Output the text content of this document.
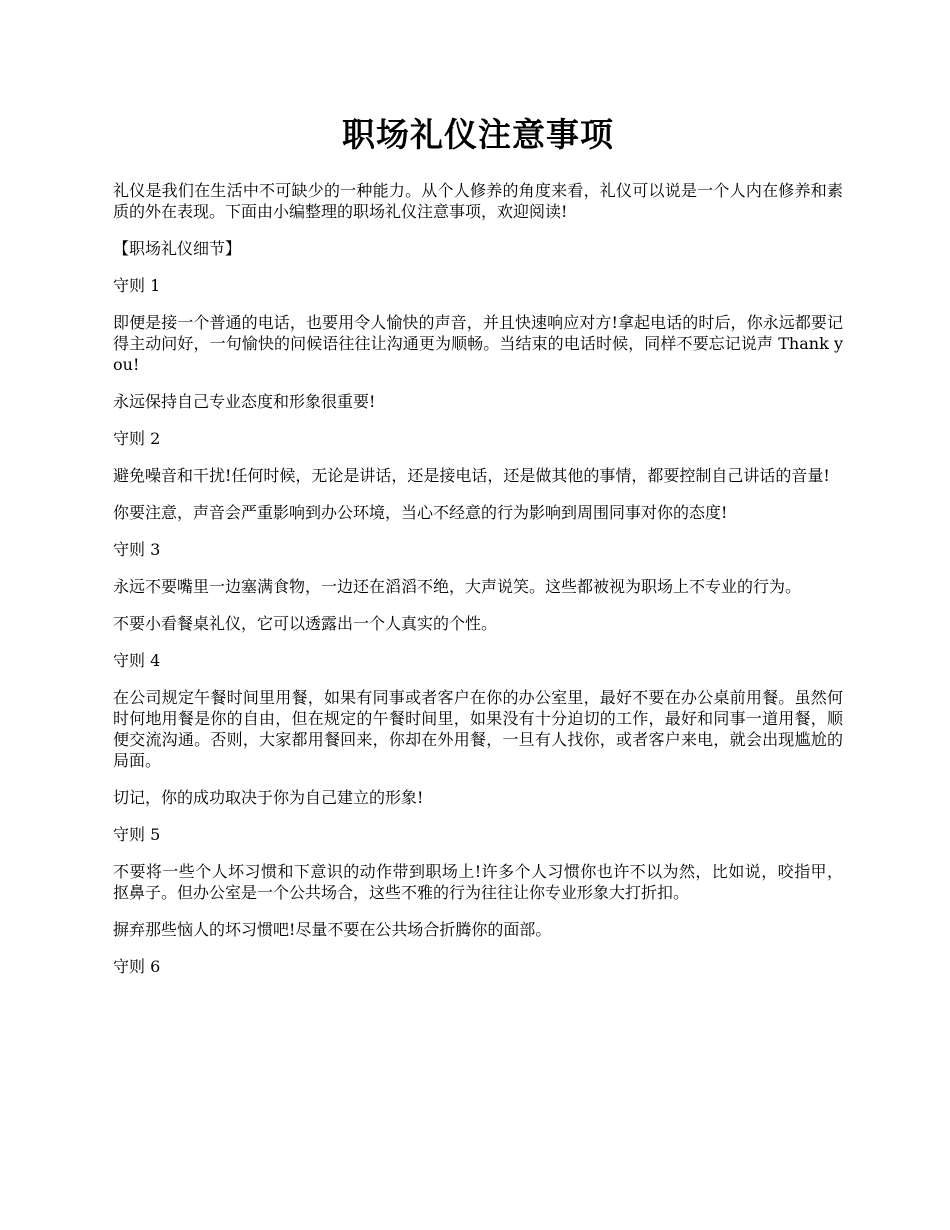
职场礼仪注意事项

礼仪是我们在生活中不可缺少的一种能力。从个人修养的角度来看，礼仪可以说是一个人内在修养和素质的外在表现。下面由小编整理的职场礼仪注意事项，欢迎阅读!

【职场礼仪细节】

守则 1

即便是接一个普通的电话，也要用令人愉快的声音，并且快速响应对方!拿起电话的时后，你永远都要记得主动问好，一句愉快的问候语往往让沟通更为顺畅。当结束的电话时候，同样不要忘记说声 Thank you!

永远保持自己专业态度和形象很重要!

守则 2

避免噪音和干扰!任何时候，无论是讲话，还是接电话，还是做其他的事情，都要控制自己讲话的音量!

你要注意，声音会严重影响到办公环境，当心不经意的行为影响到周围同事对你的态度!

守则 3

永远不要嘴里一边塞满食物，一边还在滔滔不绝，大声说笑。这些都被视为职场上不专业的行为。

不要小看餐桌礼仪，它可以透露出一个人真实的个性。

守则 4

在公司规定午餐时间里用餐，如果有同事或者客户在你的办公室里，最好不要在办公桌前用餐。虽然何时何地用餐是你的自由，但在规定的午餐时间里，如果没有十分迫切的工作，最好和同事一道用餐，顺便交流沟通。否则，大家都用餐回来，你却在外用餐，一旦有人找你，或者客户来电，就会出现尴尬的局面。

切记，你的成功取决于你为自己建立的形象!

守则 5

不要将一些个人坏习惯和下意识的动作带到职场上!许多个人习惯你也许不以为然，比如说，咬指甲， 抠鼻子。但办公室是一个公共场合，这些不雅的行为往往让你专业形象大打折扣。

摒弃那些恼人的坏习惯吧!尽量不要在公共场合折腾你的面部。

守则 6
